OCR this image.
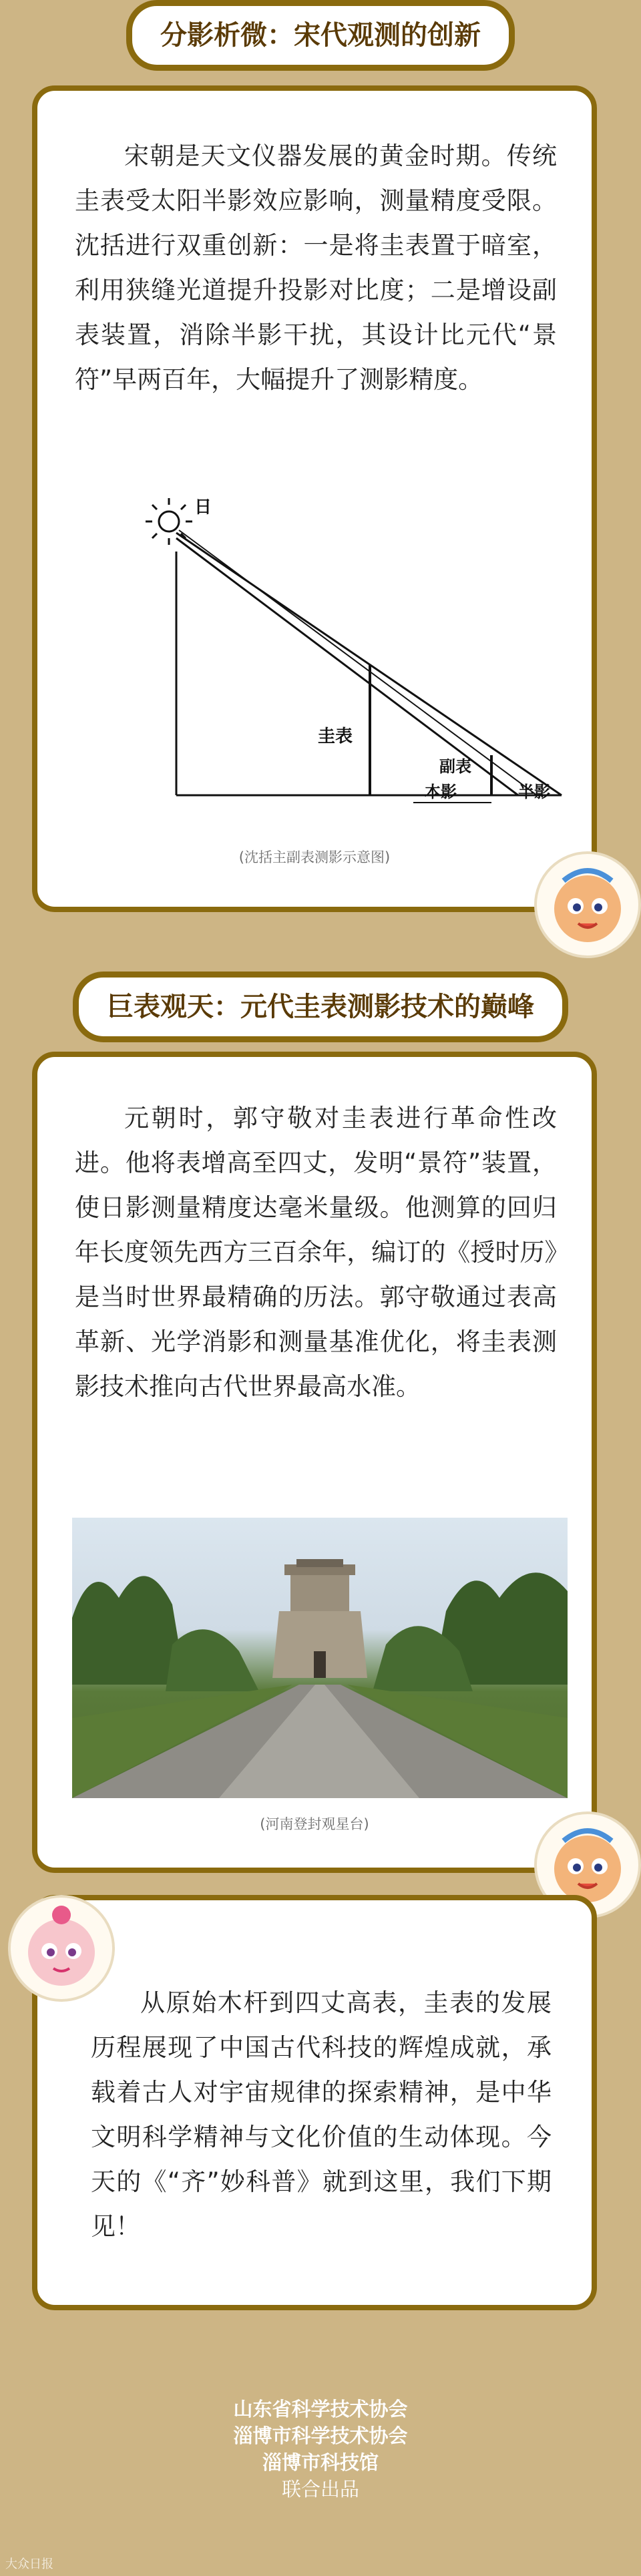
分影析微：宋代观测的创新

宋朝是天文仪器发展的黄金时期。传统圭表受太阳半影效应影响，测量精度受限。沈括进行双重创新：一是将圭表置于暗室，利用狭缝光道提升投影对比度；二是增设副表装置，消除半影干扰，其设计比元代“景符”早两百年，大幅提升了测影精度。

日
圭表
副表
本影	半影
(沈括主副表测影示意图)
巨表观天：元代圭表测影技术的巅峰

元朝时，郭守敬对圭表进行革命性改进。他将表增高至四丈，发明“景符”装置，使日影测量精度达毫米量级。他测算的回归年长度领先西方三百余年，编订的《授时历》是当时世界最精确的历法。郭守敬通过表高革新、光学消影和测量基准优化，将圭表测影技术推向古代世界最高水准。

(河南登封观星台)

从原始木杆到四丈高表，圭表的发展历程展现了中国古代科技的辉煌成就，承载着古人对宇宙规律的探索精神，是中华文明科学精神与文化价值的生动体现。今天的《“齐”妙科普》就到这里，我们下期见！

山东省科学技术协会
淄博市科学技术协会
淄博市科技馆
联合出品
大众日报
